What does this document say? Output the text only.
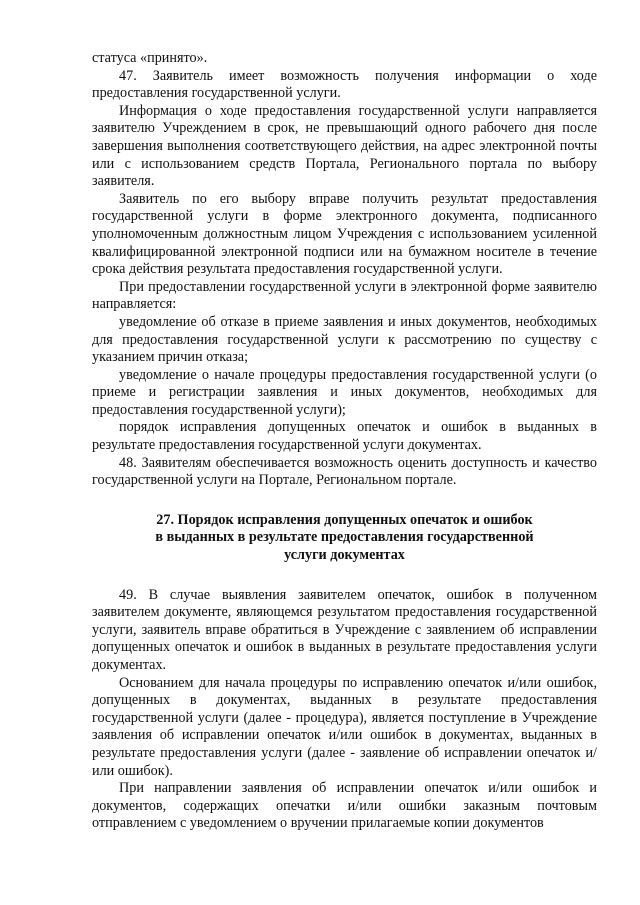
статуса «принято».

47. Заявитель имеет возможность получения информации о ходе предоставления государственной услуги.

Информация о ходе предоставления государственной услуги направляется заявителю Учреждением в срок, не превышающий одного рабочего дня после завершения выполнения соответствующего действия, на адрес электронной почты или с использованием средств Портала, Регионального портала по выбору заявителя.

Заявитель по его выбору вправе получить результат предоставления государственной услуги в форме электронного документа, подписанного уполномоченным должностным лицом Учреждения с использованием усиленной квалифицированной электронной подписи или на бумажном носителе в течение срока действия результата предоставления государственной услуги.

При предоставлении государственной услуги в электронной форме заявителю направляется:

уведомление об отказе в приеме заявления и иных документов, необходимых для предоставления государственной услуги к рассмотрению по существу с указанием причин отказа;

уведомление о начале процедуры предоставления государственной услуги (о приеме и регистрации заявления и иных документов, необходимых для предоставления государственной услуги);

порядок исправления допущенных опечаток и ошибок в выданных в результате предоставления государственной услуги документах.

48. Заявителям обеспечивается возможность оценить доступность и качество государственной услуги на Портале, Региональном портале.

27. Порядок исправления допущенных опечаток и ошибок
в выданных в результате предоставления государственной
услуги документах

49. В случае выявления заявителем опечаток, ошибок в полученном заявителем документе, являющемся результатом предоставления государственной услуги, заявитель вправе обратиться в Учреждение с заявлением об исправлении допущенных опечаток и ошибок в выданных в результате предоставления услуги документах.

Основанием для начала процедуры по исправлению опечаток и/или ошибок, допущенных в документах, выданных в результате предоставления государственной услуги (далее - процедура), является поступление в Учреждение заявления об исправлении опечаток и/или ошибок в документах, выданных в результате предоставления услуги (далее - заявление об исправлении опечаток и/или ошибок).

При направлении заявления об исправлении опечаток и/или ошибок и документов, содержащих опечатки и/или ошибки заказным почтовым отправлением с уведомлением о вручении прилагаемые копии документов
